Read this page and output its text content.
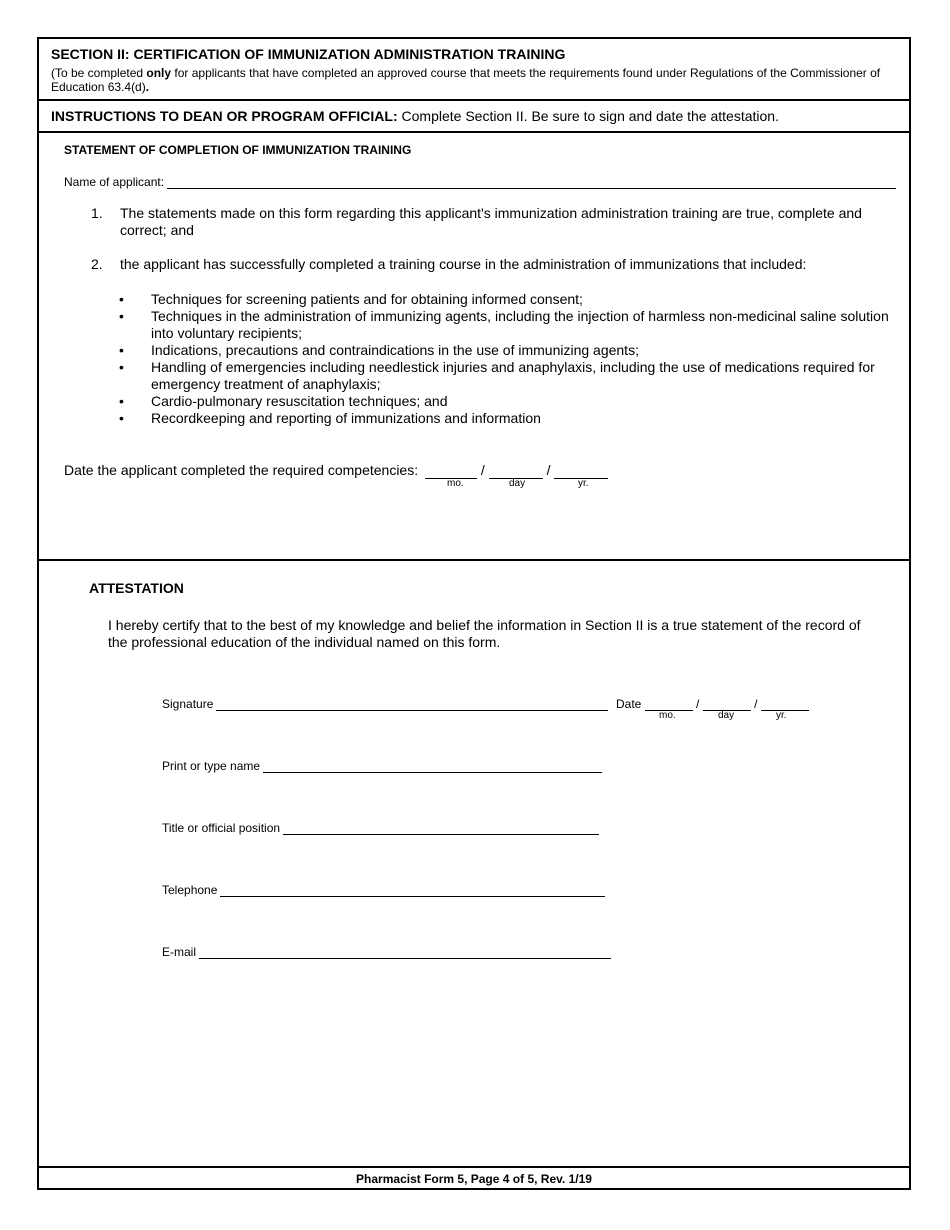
SECTION II: CERTIFICATION OF IMMUNIZATION ADMINISTRATION TRAINING
(To be completed only for applicants that have completed an approved course that meets the requirements found under Regulations of the Commissioner of Education 63.4(d).
INSTRUCTIONS TO DEAN OR PROGRAM OFFICIAL: Complete Section II. Be sure to sign and date the attestation.
STATEMENT OF COMPLETION OF IMMUNIZATION TRAINING
Name of applicant:
1.	The statements made on this form regarding this applicant's immunization administration training are true, complete and correct; and
2.	the applicant has successfully completed a training course in the administration of immunizations that included:
•	Techniques for screening patients and for obtaining informed consent;
•	Techniques in the administration of immunizing agents, including the injection of harmless non-medicinal saline solution into voluntary recipients;
•	Indications, precautions and contraindications in the use of immunizing agents;
•	Handling of emergencies including needlestick injuries and anaphylaxis, including the use of medications required for emergency treatment of anaphylaxis;
•	Cardio-pulmonary resuscitation techniques; and
•	Recordkeeping and reporting of immunizations and information
Date the applicant completed the required competencies:	/	/
mo.	day	yr.
ATTESTATION
I hereby certify that to the best of my knowledge and belief the information in Section II is a true statement of the record of the professional education of the individual named on this form.
Signature	Date	/	/
mo.	day	yr.
Print or type name
Title or official position
Telephone
E-mail
Pharmacist Form 5, Page 4 of 5, Rev. 1/19
